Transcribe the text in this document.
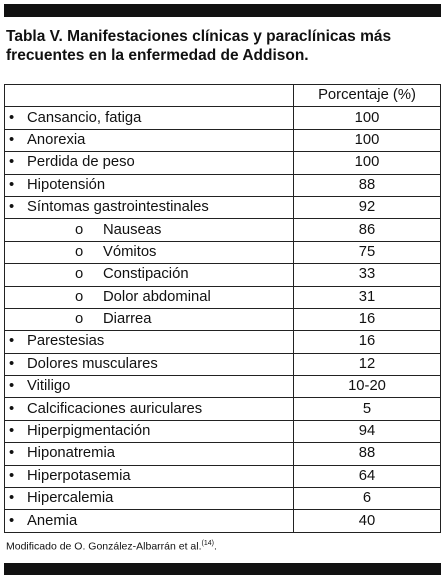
Tabla V. Manifestaciones clínicas y paraclínicas más
frecuentes en la enfermedad de Addison.
	Porcentaje (%)
• Cansancio, fatiga	100
• Anorexia	100
• Perdida de peso	100
• Hipotensión	88
• Síntomas gastrointestinales	92
o Nauseas	86
o Vómitos	75
o Constipación	33
o Dolor abdominal	31
o Diarrea	16
• Parestesias	16
• Dolores musculares	12
• Vitiligo	10-20
• Calcificaciones auriculares	5
• Hiperpigmentación	94
• Hiponatremia	88
• Hiperpotasemia	64
• Hipercalemia	6
• Anemia	40
Modificado de O. González-Albarrán et al.$^{(14)}$.
